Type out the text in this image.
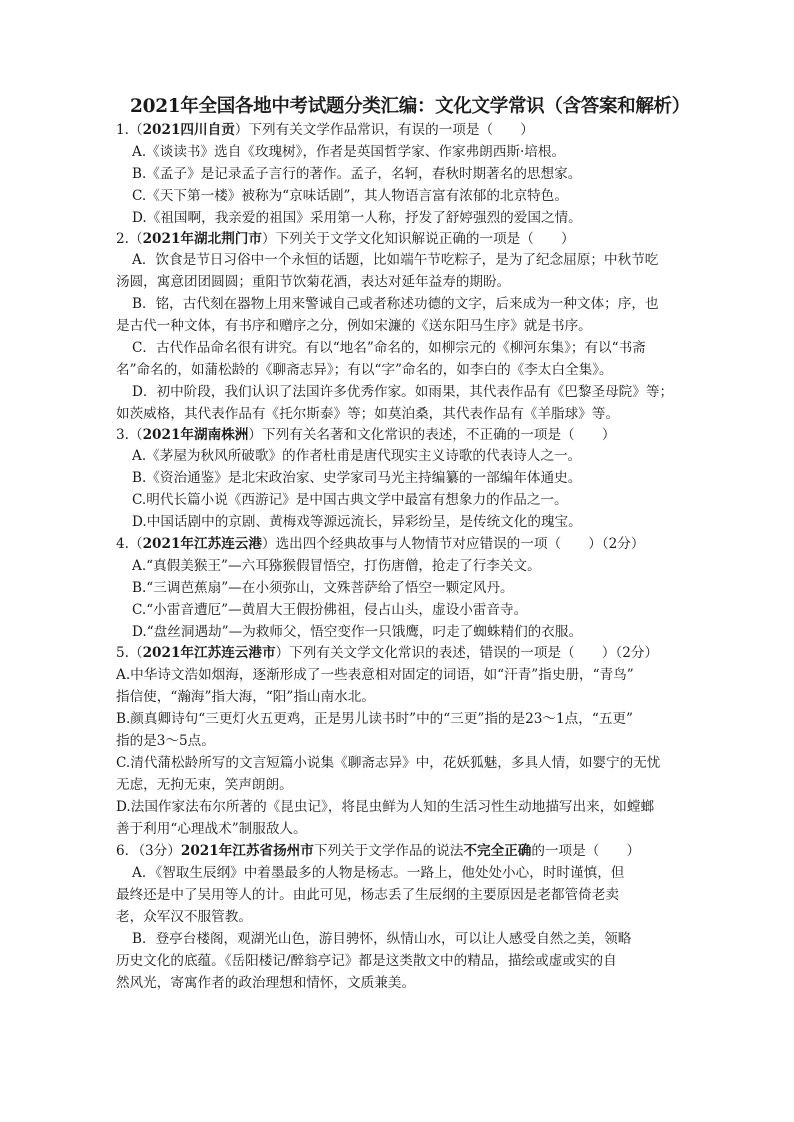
2021年全国各地中考试题分类汇编：文化文学常识（含答案和解析）
1.（2021四川自贡）下列有关文学作品常识，有误的一项是（　　）
A.《谈读书》选自《玫瑰树》，作者是英国哲学家、作家弗朗西斯·培根。
B.《孟子》是记录孟子言行的著作。孟子，名轲，春秋时期著名的思想家。
C.《天下第一楼》被称为“京味话剧”，其人物语言富有浓郁的北京特色。
D.《祖国啊，我亲爱的祖国》采用第一人称，抒发了舒婷强烈的爱国之情。
2.（2021年湖北荆门市）下列关于文学文化知识解说正确的一项是（　　）
A．饮食是节日习俗中一个永恒的话题，比如端午节吃粽子，是为了纪念屈原；中秋节吃
汤圆，寓意团团圆圆；重阳节饮菊花酒，表达对延年益寿的期盼。
B．铭，古代刻在器物上用来警诫自己或者称述功德的文字，后来成为一种文体；序，也
是古代一种文体，有书序和赠序之分，例如宋濂的《送东阳马生序》就是书序。
C．古代作品命名很有讲究。有以“地名”命名的，如柳宗元的《柳河东集》；有以“书斋
名”命名的，如蒲松龄的《聊斋志异》；有以“字”命名的，如李白的《李太白全集》。
D．初中阶段，我们认识了法国许多优秀作家。如雨果，其代表作品有《巴黎圣母院》等；
如茨威格，其代表作品有《托尔斯泰》等；如莫泊桑，其代表作品有《羊脂球》等。
3.（2021年湖南株洲）下列有关名著和文化常识的表述，不正确的一项是（　　）
A.《茅屋为秋风所破歌》的作者杜甫是唐代现实主义诗歌的代表诗人之一。
B.《资治通鉴》是北宋政治家、史学家司马光主持编纂的一部编年体通史。
C.明代长篇小说《西游记》是中国古典文学中最富有想象力的作品之一。
D.中国话剧中的京剧、黄梅戏等源远流长，异彩纷呈，是传统文化的瑰宝。
4.（2021年江苏连云港）选出四个经典故事与人物情节对应错误的一项（　　）（2分）
A.“真假美猴王”—六耳猕猴假冒悟空，打伤唐僧，抢走了行李关文。
B.“三调芭蕉扇”—在小须弥山，文殊菩萨给了悟空一颗定风丹。
C.“小雷音遭厄”—黄眉大王假扮佛祖，侵占山头，虚设小雷音寺。
D.“盘丝洞遇劫”—为救师父，悟空变作一只饿鹰，叼走了蜘蛛精们的衣服。
5.（2021年江苏连云港市）下列有关文学文化常识的表述，错误的一项是（　　）（2分）
A.中华诗文浩如烟海，逐渐形成了一些表意相对固定的词语，如“汗青”指史册，“青鸟”
指信使，“瀚海”指大海，“阳”指山南水北。
B.颜真卿诗句“三更灯火五更鸡，正是男儿读书时”中的“三更”指的是23～1点，“五更”
指的是3～5点。
C.清代蒲松龄所写的文言短篇小说集《聊斋志异》中，花妖狐魅，多具人情，如婴宁的无忧
无虑，无拘无束，笑声朗朗。
D.法国作家法布尔所著的《昆虫记》，将昆虫鲜为人知的生活习性生动地描写出来，如螳螂
善于利用“心理战术”制服敌人。
6．（3分）2021年江苏省扬州市下列关于文学作品的说法不完全正确的一项是（　　）
A．《智取生辰纲》中着墨最多的人物是杨志。一路上，他处处小心，时时谨慎，但
最终还是中了吴用等人的计。由此可见，杨志丢了生辰纲的主要原因是老都管倚老卖
老，众军汉不服管教。
B．登亭台楼阁，观湖光山色，游目骋怀，纵情山水，可以让人感受自然之美，领略
历史文化的底蕴。《岳阳楼记/醉翁亭记》都是这类散文中的精品，描绘或虚或实的自
然风光，寄寓作者的政治理想和情怀，文质兼美。
